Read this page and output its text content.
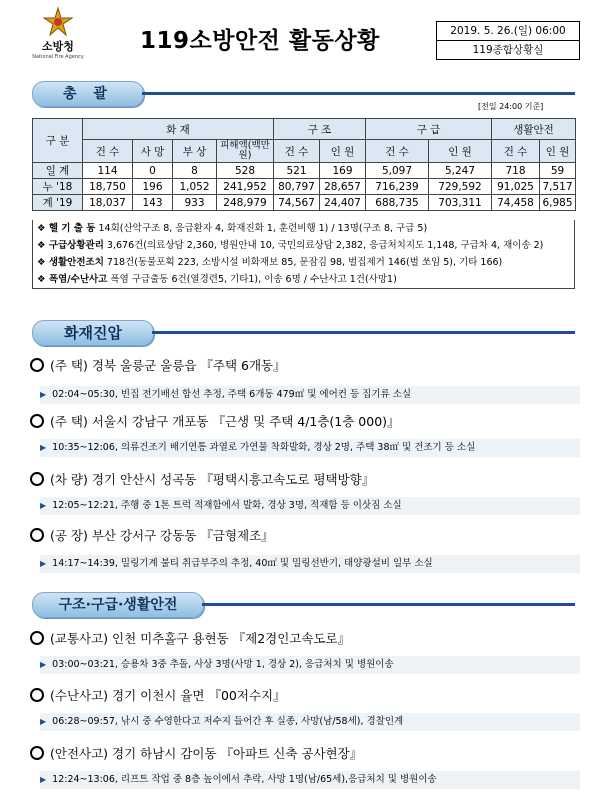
소방청
National Fire Agency
119소방안전 활동상황	2019. 5. 26.(일) 06:00
119종합상황실
총 괄
[전일 24:00 기준]
구 분	화 재				구 조		구 급		생활안전	
	건 수	사 망	부 상	피해액(백만원)	건 수	인 원	건 수	인 원	건 수	인 원
일 계	114	0	8	528	521	169	5,097	5,247	718	59
누 '18	18,750	196	1,052	241,952	80,797	28,657	716,239	729,592	91,025	7,517
계 '19	18,037	143	933	248,979	74,567	24,407	688,735	703,311	74,458	6,985
❖ 헬 기 출 동 14회(산악구조 8, 응급환자 4, 화재진화 1, 훈련비행 1) / 13명(구조 8, 구급 5)
❖ 구급상황관리 3,676건(의료상담 2,360, 병원안내 10, 국민의료상담 2,382, 응급처치지도 1,148, 구급차 4, 재이송 2)
❖ 생활안전조치 718건(동물포획 223, 소방시설 비화재보 85, 문잠김 98, 벌집제거 146(벌 쏘임 5), 기타 166)
❖ 폭염/수난사고 폭염 구급출동 6건(열경련5, 기타1), 이송 6명 / 수난사고 1건(사망1)
화재진압
(주 택) 경북 울릉군 울릉읍 『주택 6개동』
▶ 02:04~05:30, 빈집 전기배선 합선 추정, 주택 6개동 479㎡ 및 에어컨 등 집기류 소실
(주 택) 서울시 강남구 개포동 『근생 및 주택 4/1층(1층 000)』
▶ 10:35~12:06, 의류건조기 배기연통 과열로 가연물 착화발화, 경상 2명, 주택 38㎡ 및 건조기 등 소실
(차 량) 경기 안산시 성곡동 『평택시흥고속도로 평택방향』
▶ 12:05~12:21, 주행 중 1톤 트럭 적재함에서 발화, 경상 3명, 적재함 등 이삿짐 소실
(공 장) 부산 강서구 강동동 『금형제조』
▶ 14:17~14:39, 밀링기계 불티 취급부주의 추정, 40㎡ 및 밀링선반기, 태양광설비 일부 소실
구조·구급·생활안전
(교통사고) 인천 미추홀구 용현동 『제2경인고속도로』
▶ 03:00~03:21, 승용차 3중 추돌, 사상 3명(사망 1, 경상 2), 응급처치 및 병원이송
(수난사고) 경기 이천시 율면 『00저수지』
▶ 06:28~09:57, 낚시 중 수영한다고 저수지 들어간 후 실종, 사망(남/58세), 경찰인계
(안전사고) 경기 하남시 감이동 『아파트 신축 공사현장』
▶ 12:24~13:06, 리프트 작업 중 8층 높이에서 추락, 사망 1명(남/65세),응급처치 및 병원이송
